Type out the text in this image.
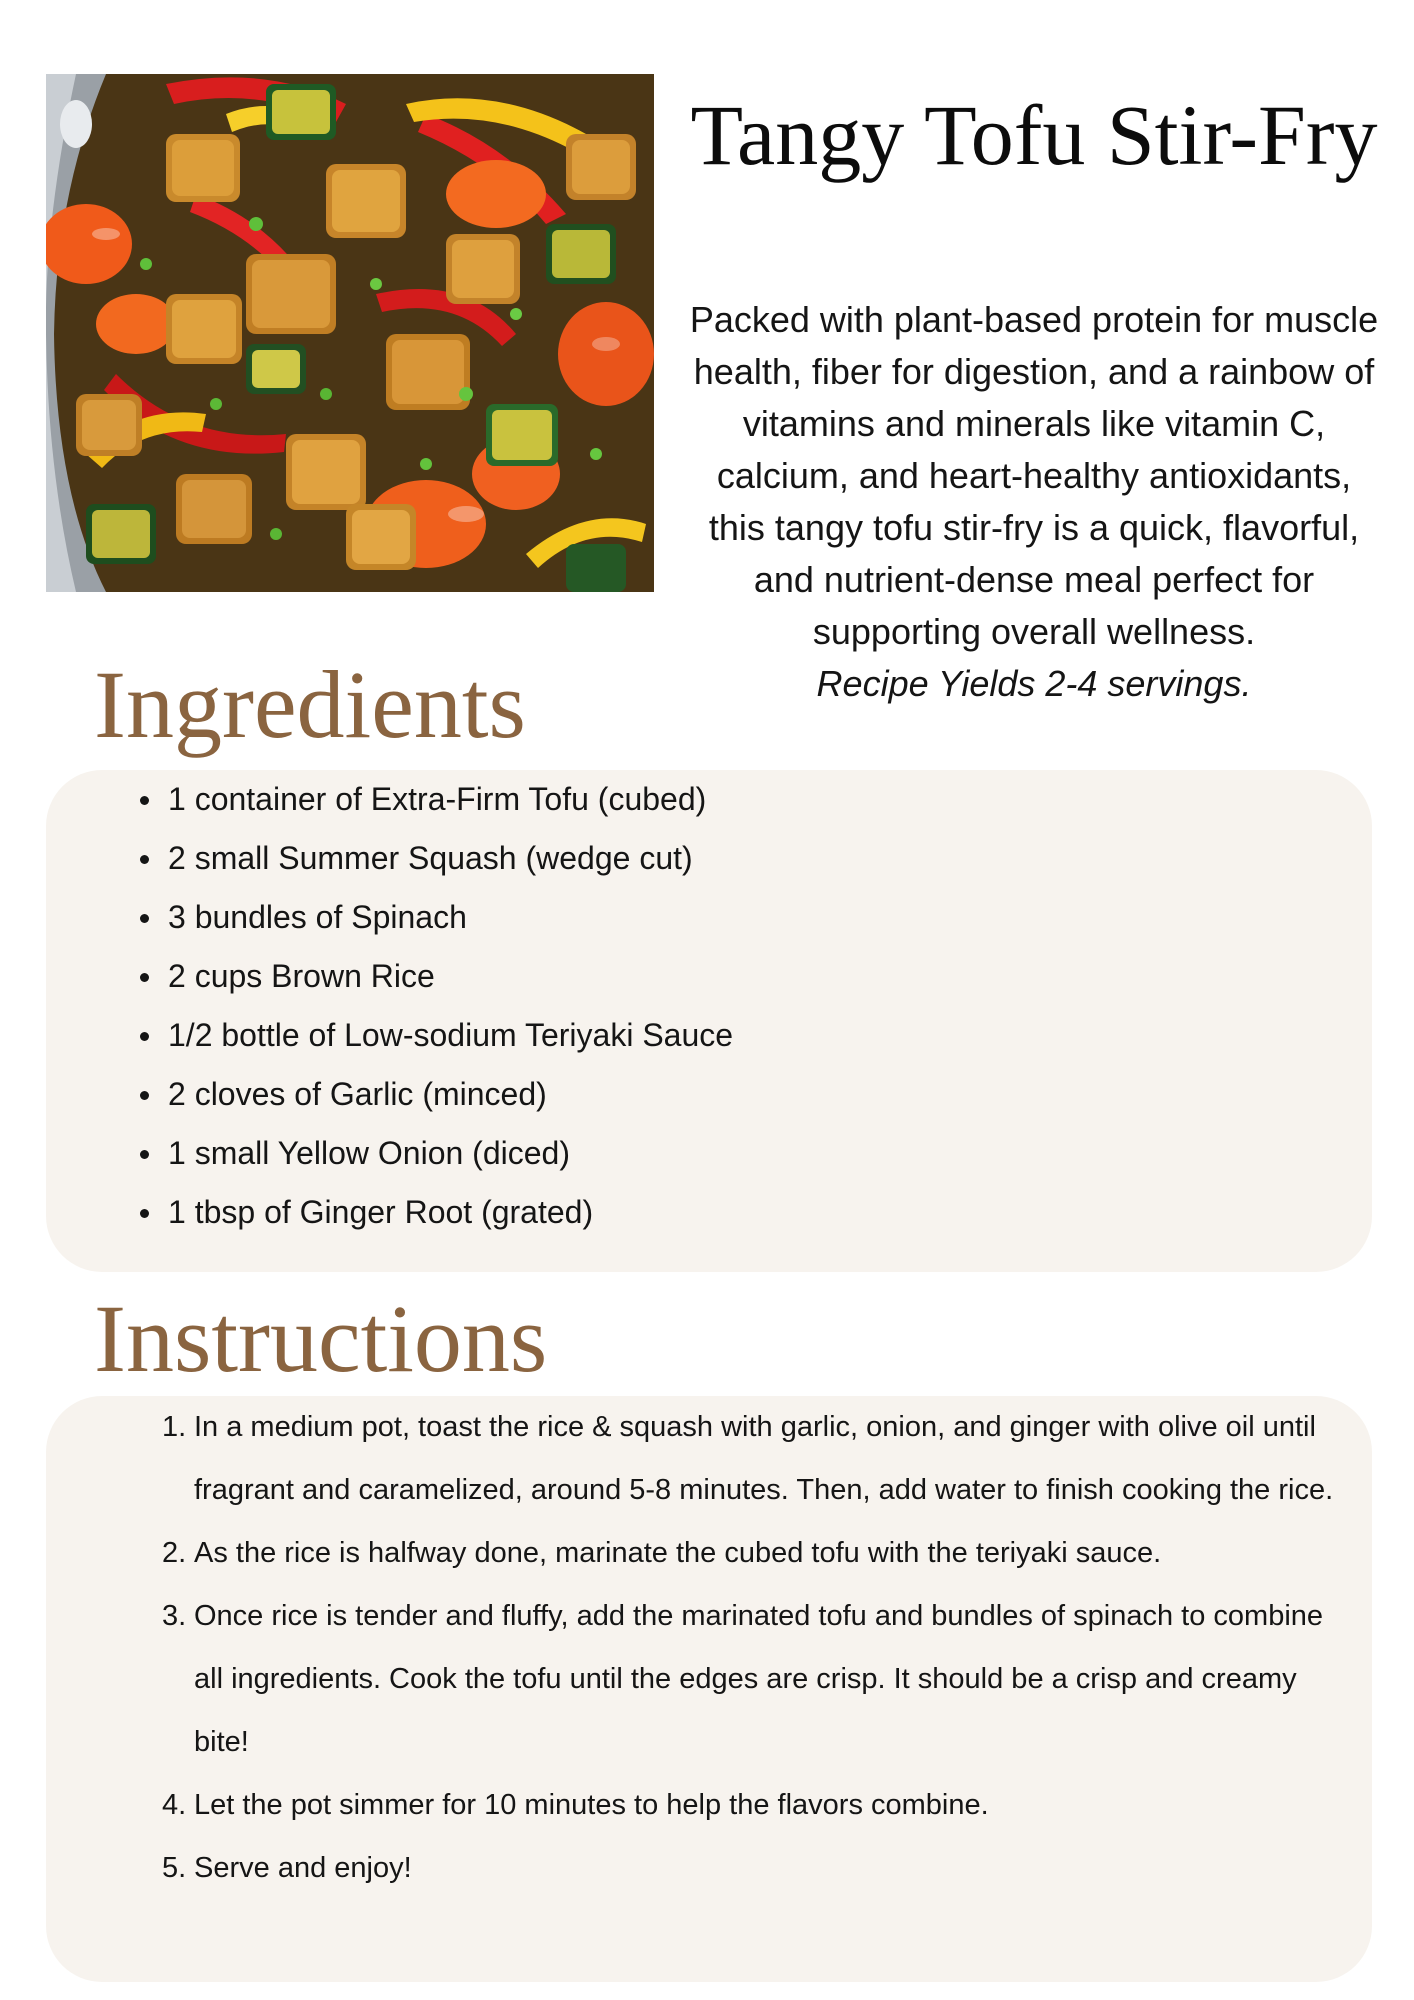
Tangy Tofu Stir-Fry

Packed with plant-based protein for muscle health, fiber for digestion, and a rainbow of vitamins and minerals like vitamin C, calcium, and heart-healthy antioxidants, this tangy tofu stir-fry is a quick, flavorful, and nutrient-dense meal perfect for supporting overall wellness.
Recipe Yields 2-4 servings.

Ingredients
1 container of Extra-Firm Tofu (cubed)
2 small Summer Squash (wedge cut)
3 bundles of Spinach
2 cups Brown Rice
1/2 bottle of Low-sodium Teriyaki Sauce
2 cloves of Garlic (minced)
1 small Yellow Onion (diced)
1 tbsp of Ginger Root (grated)
Instructions
1. In a medium pot, toast the rice & squash with garlic, onion, and ginger with olive oil until fragrant and caramelized, around 5-8 minutes. Then, add water to finish cooking the rice.
2. As the rice is halfway done, marinate the cubed tofu with the teriyaki sauce.
3. Once rice is tender and fluffy, add the marinated tofu and bundles of spinach to combine all ingredients. Cook the tofu until the edges are crisp. It should be a crisp and creamy bite!
4. Let the pot simmer for 10 minutes to help the flavors combine.
5. Serve and enjoy!
